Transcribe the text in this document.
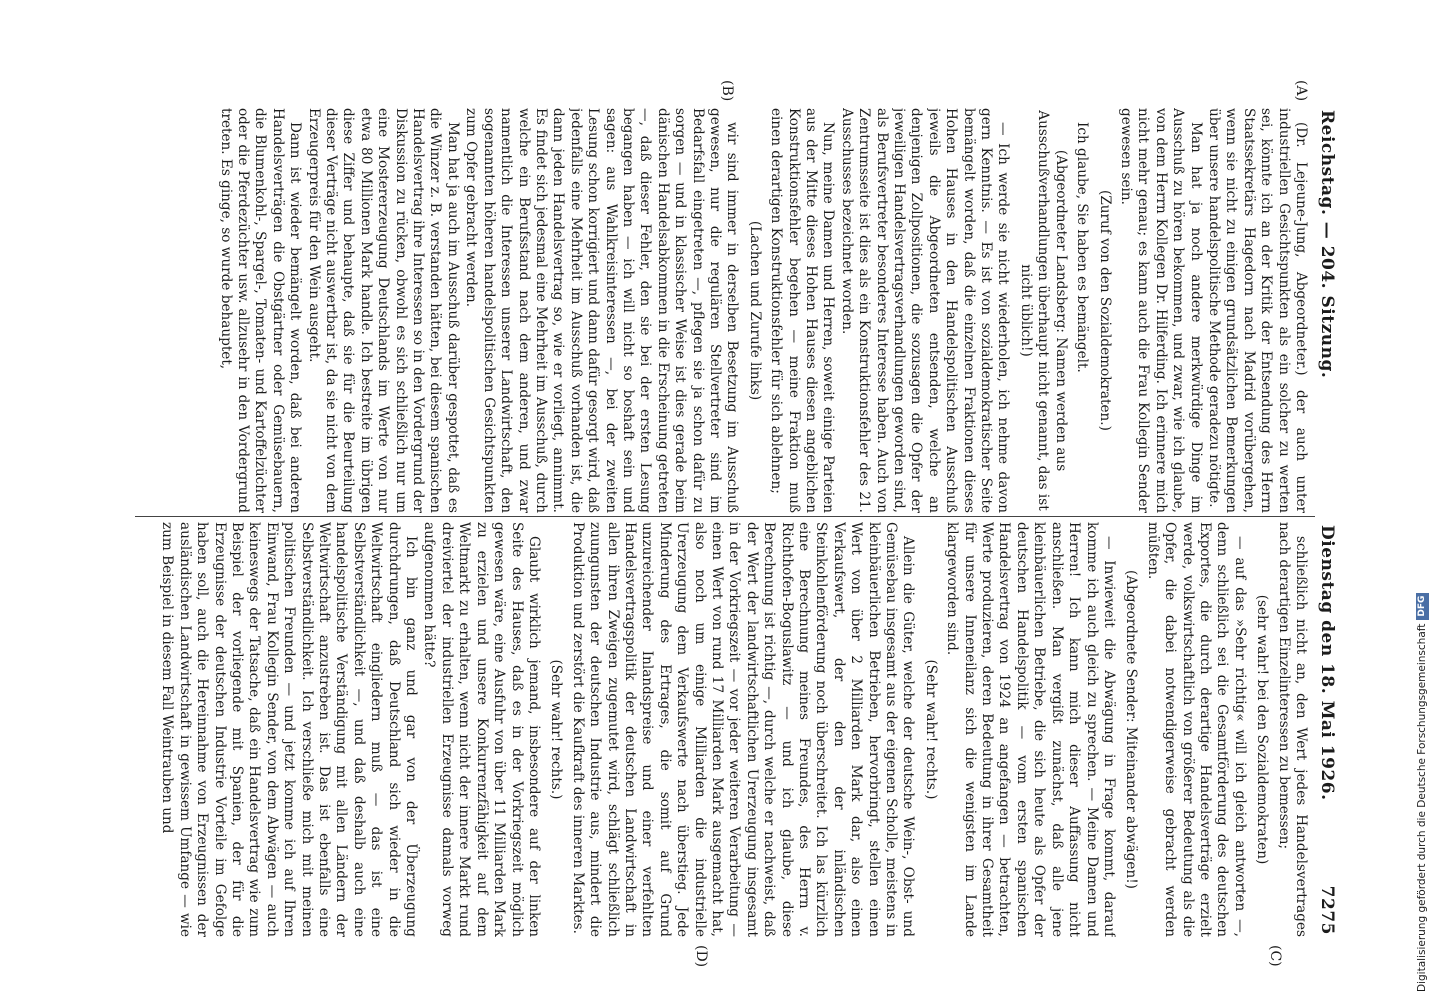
Reichstag. — 204. Sitzung.
Dienstag den 18. Mai 1926.
7275
(A)
(B)
(C)
(D)

(Dr. Lejeune-Jung, Abgeordneter.) der auch unter industriellen Gesichtspunkten als ein solcher zu werten sei, könnte ich an der Kritik der Entsendung des Herrn Staatssekretärs Hagedorn nach Madrid vorübergehen, wenn sie nicht zu einigen grundsätzlichen Bemerkungen über unsere handelspolitische Methode geradezu nötigte.

Man hat ja noch andere merkwürdige Dinge im Ausschuß zu hören bekommen, und zwar, wie ich glaube, von dem Herrn Kollegen Dr. Hilferding. Ich erinnere mich nicht mehr genau; es kann auch die Frau Kollegin Sender gewesen sein.

(Zuruf von den Sozialdemokraten.)

Ich glaube, Sie haben es bemängelt.

(Abgeordneter Landsberg: Namen werden aus Ausschußverhandlungen überhaupt nicht genannt, das ist nicht üblich!)

— Ich werde sie nicht wiederholen, ich nehme davon gern Kenntnis. — Es ist von sozialdemokratischer Seite bemängelt worden, daß die einzelnen Fraktionen dieses Hohen Hauses in den Handelspolitischen Ausschuß jeweils die Abgeordneten entsenden, welche an denjenigen Zollpositionen, die sozusagen die Opfer der jeweiligen Handelsvertragsverhandlungen geworden sind, als Berufsvertreter besonderes Interesse haben. Auch von Zentrumsseite ist dies als ein Konstruktionsfehler des 21. Ausschusses bezeichnet worden.

Nun, meine Damen und Herren, soweit einige Parteien aus der Mitte dieses Hohen Hauses diesen angeblichen Konstruktionsfehler begehen — meine Fraktion muß einen derartigen Konstruktionsfehler für sich ablehnen;

(Lachen und Zurufe links)

wir sind immer in derselben Besetzung im Ausschuß gewesen, nur die regulären Stellvertreter sind im Bedarfsfall eingetreten —, pflegen sie ja schon dafür zu sorgen — und in klassischer Weise ist dies gerade beim dänischen Handelsabkommen in die Erscheinung getreten —, daß dieser Fehler, den sie bei der ersten Lesung begangen haben — ich will nicht so boshaft sein und sagen: aus Wahlkreisinteressen —, bei der zweiten Lesung schon korrigiert und dann dafür gesorgt wird, daß jedenfalls eine Mehrheit im Ausschuß vorhanden ist, die dann jeden Handelsvertrag so, wie er vorliegt, annimmt. Es findet sich jedesmal eine Mehrheit im Ausschuß, durch welche ein Berufsstand nach dem anderen, und zwar namentlich die Interessen unserer Landwirtschaft, den sogenannten höheren handelspolitischen Gesichtspunkten zum Opfer gebracht werden.

Man hat ja auch im Ausschuß darüber gespottet, daß es die Winzer z. B. verstanden hätten, bei diesem spanischen Handelsvertrag ihre Interessen so in den Vordergrund der Diskussion zu rücken, obwohl es sich schließlich nur um eine Mostererzeugung Deutschlands im Werte von nur etwa 80 Millionen Mark handle. Ich bestreite im übrigen diese Ziffer und behaupte, daß sie für die Beurteilung dieser Verträge nicht auswertbar ist, da sie nicht von dem Erzeugerpreis für den Wein ausgeht.

Dann ist wieder bemängelt worden, daß bei anderen Handelsverträgen die Obstgärtner oder Gemüsebauern, die Blumenkohl-, Spargel-, Tomaten- und Kartoffelzüchter oder die Pferdezüchter usw. allzusehr in den Vordergrund treten. Es ginge, so wurde behauptet,

schließlich nicht an, den Wert jedes Handelsvertrages nach derartigen Einzelinteressen zu bemessen;

(sehr wahr! bei den Sozialdemokraten)

— auf das »Sehr richtig« will ich gleich antworten —, denn schließlich sei die Gesamtförderung des deutschen Exportes, die durch derartige Handelsverträge erzielt werde, volkswirtschaftlich von größerer Bedeutung als die Opfer, die dabei notwendigerweise gebracht werden müßten.

(Abgeordnete Sender: Miteinander abwägen!)

— Inwieweit die Abwägung in Frage kommt, darauf komme ich auch gleich zu sprechen. — Meine Damen und Herren! Ich kann mich dieser Auffassung nicht anschließen. Man vergißt zunächst, daß alle jene kleinbäuerlichen Betriebe, die sich heute als Opfer der deutschen Handelspolitik — vom ersten spanischen Handelsvertrag von 1924 an angefangen — betrachten, Werte produzieren, deren Bedeutung in ihrer Gesamtheit für unsere Inneneilanz sich die wenigsten im Lande klargeworden sind.

(Sehr wahr! rechts.)

Allein die Güter, welche der deutsche Wein-, Obst- und Gemüsebau insgesamt aus der eigenen Scholle, meistens in kleinbäuerlichen Betrieben, hervorbringt, stellen einen Wert von über 2 Milliarden Mark dar, also einen Verkaufswert, der den der inländischen Steinkohlenförderung noch überschreitet. Ich las kürzlich eine Berechnung meines Freundes, des Herrn v. Richthofen-Boguslawitz — und ich glaube, diese Berechnung ist richtig —, durch welche er nachweist, daß der Wert der landwirtschaftlichen Urerzeugung insgesamt in der Vorkriegszeit — vor jeder weiteren Verarbeitung — einen Wert von rund 17 Milliarden Mark ausgemacht hat, also noch um einige Milliarden die industrielle Urerzeugung dem Verkaufswerte nach überstieg. Jede Minderung des Ertrages, die somit auf Grund unzureichender Inlandspreise und einer verfehlten Handelsvertragspolitik der deutschen Landwirtschaft in allen ihren Zweigen zugemutet wird, schlägt schließlich zuungunsten der deutschen Industrie aus, mindert die Produktion und zerstört die Kaufkraft des inneren Marktes.

(Sehr wahr! rechts.)

Glaubt wirklich jemand, insbesondere auf der linken Seite des Hauses, daß es in der Vorkriegszeit möglich gewesen wäre, eine Ausfuhr von über 11 Milliarden Mark zu erzielen und unsere Konkurrenzfähigkeit auf dem Weltmarkt zu erhalten, wenn nicht der innere Markt rund dreiviertel der industriellen Erzeugnisse damals vorweg aufgenommen hätte?

Ich bin ganz und gar von der Überzeugung durchdrungen, daß Deutschland sich wieder in die Weltwirtschaft eingliedern muß — das ist eine Selbstverständlichkeit —, und daß deshalb auch eine handelspolitische Verständigung mit allen Ländern der Weltwirtschaft anzustreben ist. Das ist ebenfalls eine Selbstverständlichkeit. Ich verschließe mich mit meinen politischen Freunden — und jetzt komme ich auf Ihren Einwand, Frau Kollegin Sender, von dem Abwägen — auch keineswegs der Tatsache, daß ein Handelsvertrag wie zum Beispiel der vorliegende mit Spanien, der für die Erzeugnisse der deutschen Industrie Vorteile im Gefolge haben soll, auch die Hereinnahme von Erzeugnissen der ausländischen Landwirtschaft in gewissem Umfange — wie zum Beispiel in diesem Fall Weintrauben und	Digitalisierung gefördert durch die Deutsche ForschungsgemeinschaftDFG
